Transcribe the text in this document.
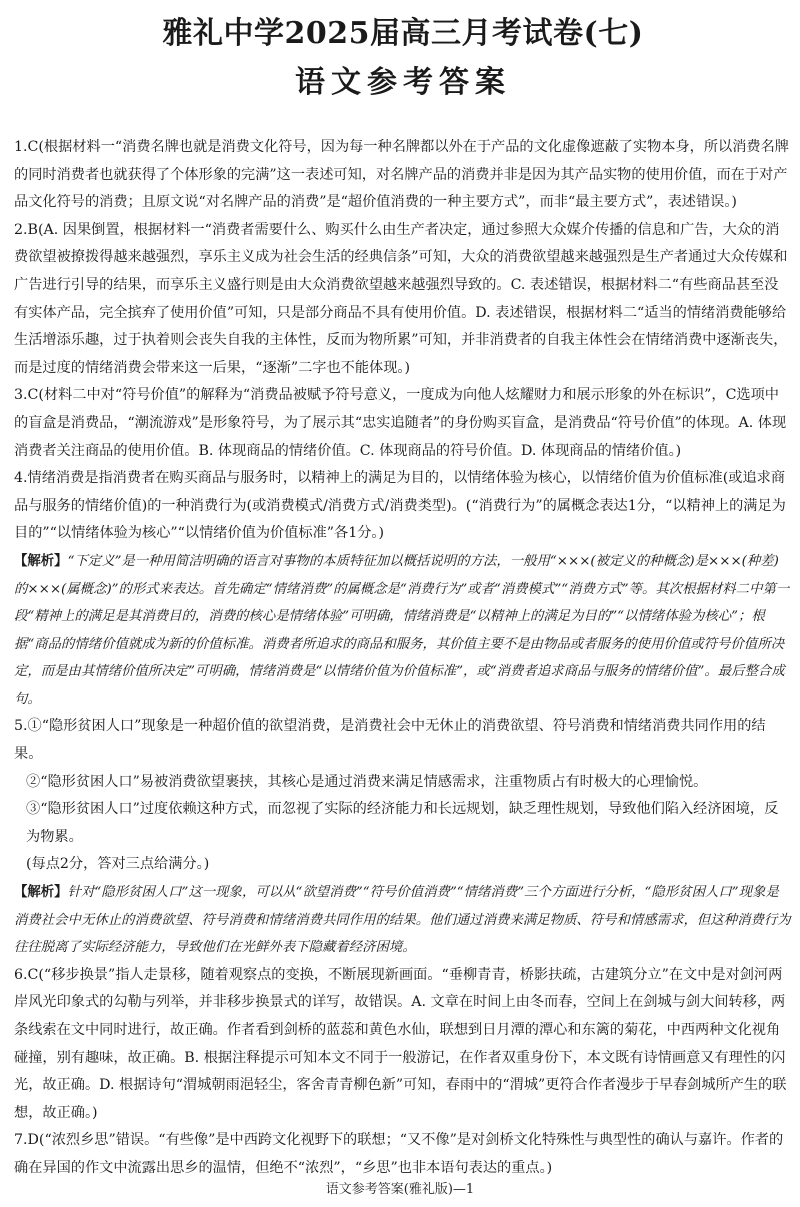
雅礼中学2025届高三月考试卷(七)
语文参考答案

1.C(根据材料一“消费名牌也就是消费文化符号，因为每一种名牌都以外在于产品的文化虚像遮蔽了实物本身，所以消费名牌的同时消费者也就获得了个体形象的完满”这一表述可知，对名牌产品的消费并非是因为其产品实物的使用价值，而在于对产品文化符号的消费；且原文说“对名牌产品的消费”是“超价值消费的一种主要方式”，而非“最主要方式”，表述错误。)

2.B(A. 因果倒置，根据材料一“消费者需要什么、购买什么由生产者决定，通过参照大众媒介传播的信息和广告，大众的消费欲望被撩拨得越来越强烈，享乐主义成为社会生活的经典信条”可知，大众的消费欲望越来越强烈是生产者通过大众传媒和广告进行引导的结果，而享乐主义盛行则是由大众消费欲望越来越强烈导致的。C. 表述错误，根据材料二“有些商品甚至没有实体产品，完全摈弃了使用价值”可知，只是部分商品不具有使用价值。D. 表述错误，根据材料二“适当的情绪消费能够给生活增添乐趣，过于执着则会丧失自我的主体性，反而为物所累”可知，并非消费者的自我主体性会在情绪消费中逐渐丧失，而是过度的情绪消费会带来这一后果，“逐渐”二字也不能体现。)

3.C(材料二中对“符号价值”的解释为“消费品被赋予符号意义，一度成为向他人炫耀财力和展示形象的外在标识”，C选项中的盲盒是消费品，“潮流游戏”是形象符号，为了展示其“忠实追随者”的身份购买盲盒，是消费品“符号价值”的体现。A. 体现消费者关注商品的使用价值。B. 体现商品的情绪价值。C. 体现商品的符号价值。D. 体现商品的情绪价值。)

4.情绪消费是指消费者在购买商品与服务时，以精神上的满足为目的，以情绪体验为核心，以情绪价值为价值标准(或追求商品与服务的情绪价值)的一种消费行为(或消费模式/消费方式/消费类型)。(“消费行为”的属概念表达1分，“以精神上的满足为目的”“以情绪体验为核心”“以情绪价值为价值标准”各1分。)

【解析】“下定义”是一种用简洁明确的语言对事物的本质特征加以概括说明的方法，一般用“×××(被定义的种概念)是×××(种差)的×××(属概念)”的形式来表达。首先确定“情绪消费”的属概念是“消费行为”或者“消费模式”“消费方式”等。其次根据材料二中第一段“精神上的满足是其消费目的，消费的核心是情绪体验”可明确，情绪消费是“以精神上的满足为目的”“以情绪体验为核心”；根据“商品的情绪价值就成为新的价值标准。消费者所追求的商品和服务，其价值主要不是由物品或者服务的使用价值或符号价值所决定，而是由其情绪价值所决定”可明确，情绪消费是“以情绪价值为价值标准”，或“消费者追求商品与服务的情绪价值”。最后整合成句。

5.①“隐形贫困人口”现象是一种超价值的欲望消费，是消费社会中无休止的消费欲望、符号消费和情绪消费共同作用的结果。

②“隐形贫困人口”易被消费欲望裹挟，其核心是通过消费来满足情感需求，注重物质占有时极大的心理愉悦。

③“隐形贫困人口”过度依赖这种方式，而忽视了实际的经济能力和长远规划，缺乏理性规划，导致他们陷入经济困境，反为物累。

(每点2分，答对三点给满分。)

【解析】针对“隐形贫困人口”这一现象，可以从“欲望消费”“符号价值消费”“情绪消费”三个方面进行分析，“隐形贫困人口”现象是消费社会中无休止的消费欲望、符号消费和情绪消费共同作用的结果。他们通过消费来满足物质、符号和情感需求，但这种消费行为往往脱离了实际经济能力，导致他们在光鲜外表下隐藏着经济困境。

6.C(“移步换景”指人走景移，随着观察点的变换，不断展现新画面。“垂柳青青，桥影扶疏，古建筑分立”在文中是对剑河两岸风光印象式的勾勒与列举，并非移步换景式的详写，故错误。A. 文章在时间上由冬而春，空间上在剑城与剑大间转移，两条线索在文中同时进行，故正确。作者看到剑桥的蓝蕊和黄色水仙，联想到日月潭的潭心和东篱的菊花，中西两种文化视角碰撞，别有趣味，故正确。B. 根据注释提示可知本文不同于一般游记，在作者双重身份下，本文既有诗情画意又有理性的闪光，故正确。D. 根据诗句“渭城朝雨浥轻尘，客舍青青柳色新”可知，春雨中的“渭城”更符合作者漫步于早春剑城所产生的联想，故正确。)

7.D(“浓烈乡思”错误。“有些像”是中西跨文化视野下的联想；“又不像”是对剑桥文化特殊性与典型性的确认与嘉许。作者的确在异国的作文中流露出思乡的温情，但绝不“浓烈”，“乡思”也非本语句表达的重点。)

语文参考答案(雅礼版)—1
